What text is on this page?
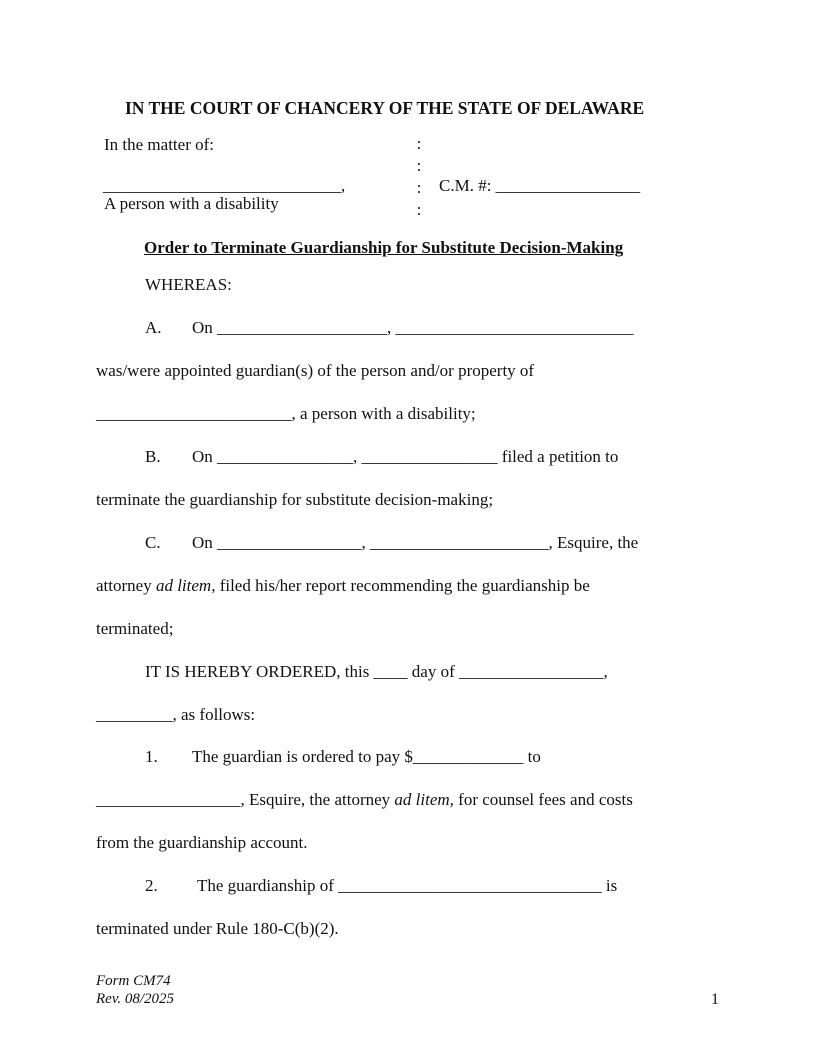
IN THE COURT OF CHANCERY OF THE STATE OF DELAWARE
In the matter of:
____________________________,
A person with a disability
:
:
:
:
C.M. #: _________________
Order to Terminate Guardianship for Substitute Decision-Making
WHEREAS:
A. On ____________________, ____________________________
was/were appointed guardian(s) of the person and/or property of
_______________________, a person with a disability;
B. On ________________, ________________ filed a petition to
terminate the guardianship for substitute decision-making;
C. On _________________, _____________________, Esquire, the
attorney ad litem, filed his/her report recommending the guardianship be
terminated;
IT IS HEREBY ORDERED, this ____ day of _________________,
_________, as follows:
1. The guardian is ordered to pay $_____________ to
_________________, Esquire, the attorney ad litem, for counsel fees and costs
from the guardianship account.
2. The guardianship of _______________________________ is
terminated under Rule 180-C(b)(2).
Form CM74
Rev. 08/2025	1
